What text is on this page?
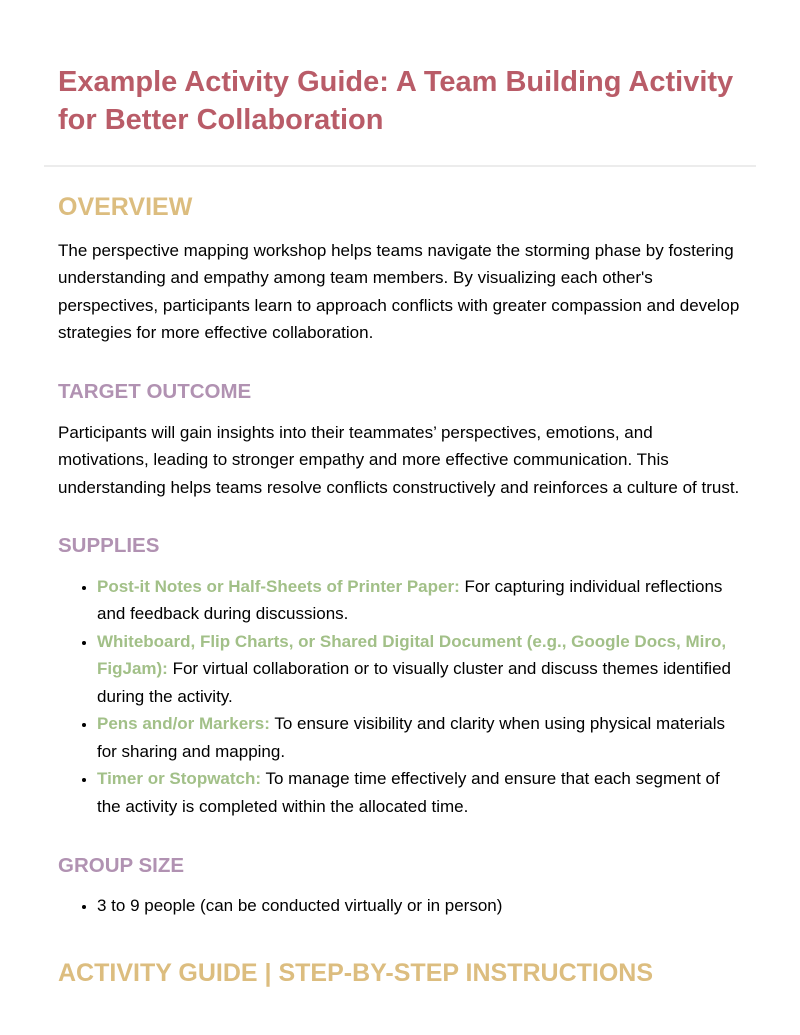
Example Activity Guide: A Team Building Activity for Better Collaboration
OVERVIEW

The perspective mapping workshop helps teams navigate the storming phase by fostering understanding and empathy among team members. By visualizing each other's perspectives, participants learn to approach conflicts with greater compassion and develop strategies for more effective collaboration.

TARGET OUTCOME

Participants will gain insights into their teammates’ perspectives, emotions, and motivations, leading to stronger empathy and more effective communication. This understanding helps teams resolve conflicts constructively and reinforces a culture of trust.

SUPPLIES
• Post-it Notes or Half-Sheets of Printer Paper: For capturing individual reflections and feedback during discussions.
• Whiteboard, Flip Charts, or Shared Digital Document (e.g., Google Docs, Miro, FigJam): For virtual collaboration or to visually cluster and discuss themes identified during the activity.
• Pens and/or Markers: To ensure visibility and clarity when using physical materials for sharing and mapping.
• Timer or Stopwatch: To manage time effectively and ensure that each segment of the activity is completed within the allocated time.
GROUP SIZE
• 3 to 9 people (can be conducted virtually or in person)
ACTIVITY GUIDE | STEP-BY-STEP INSTRUCTIONS
